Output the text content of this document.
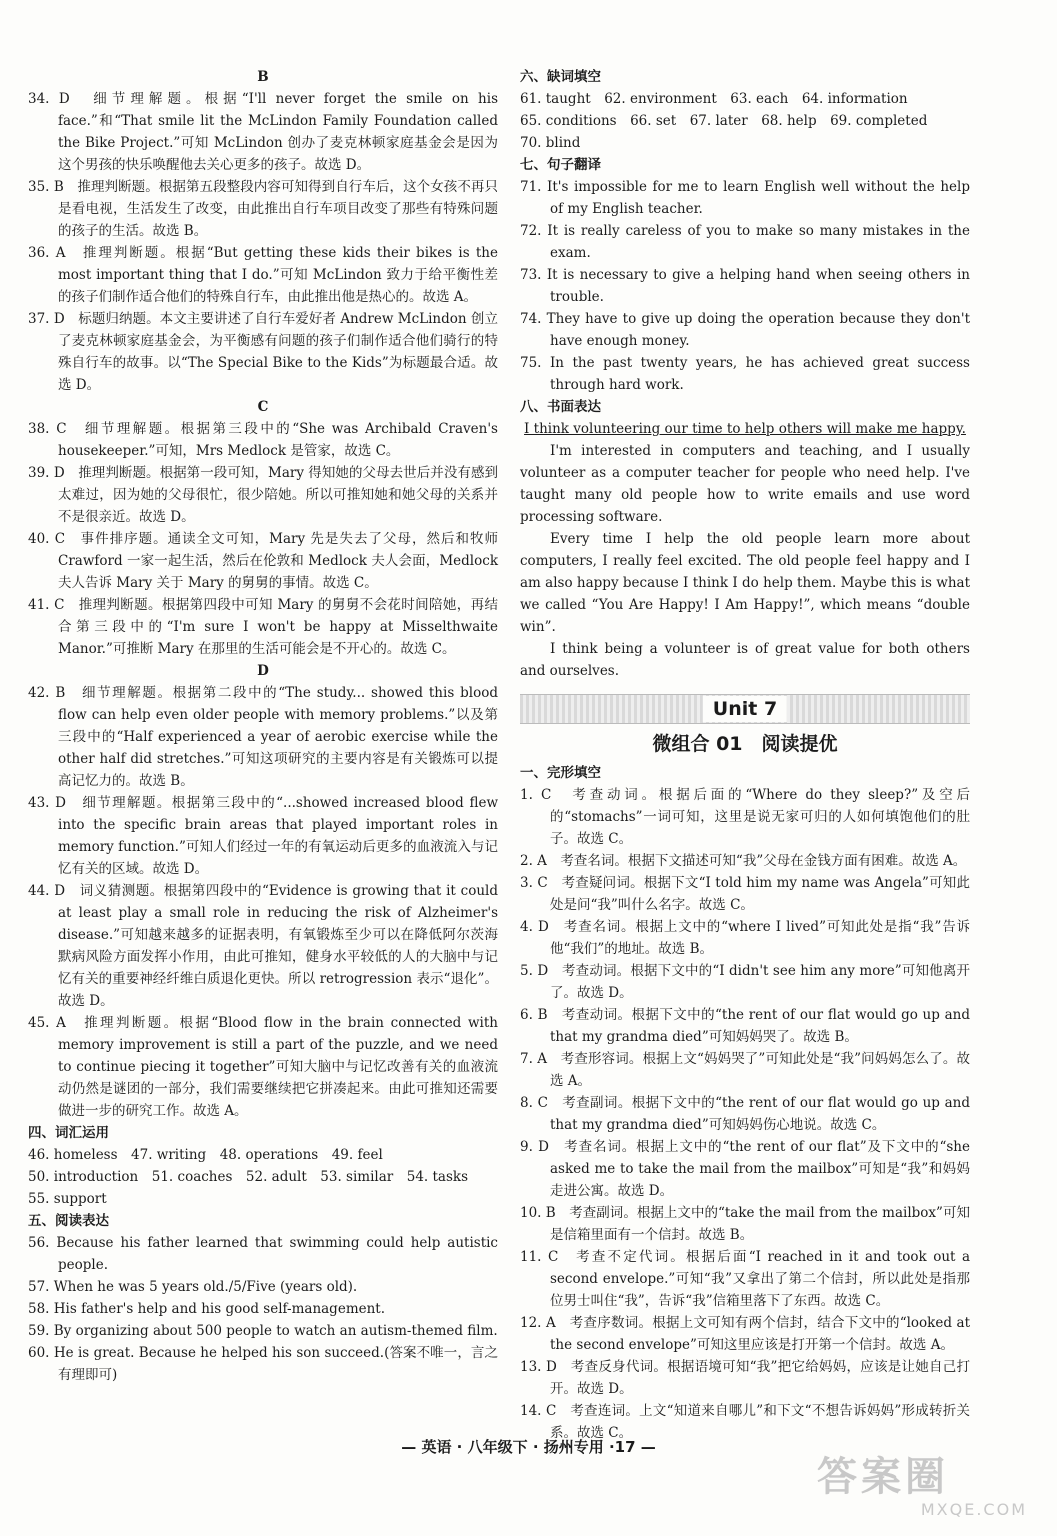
B
34. D　细节理解题。根据“I'll never forget the smile on his face.”和“That smile lit the McLindon Family Foundation called the Bike Project.”可知 McLindon 创办了麦克林顿家庭基金会是因为这个男孩的快乐唤醒他去关心更多的孩子。故选 D。
35. B　推理判断题。根据第五段整段内容可知得到自行车后，这个女孩不再只是看电视，生活发生了改变，由此推出自行车项目改变了那些有特殊问题的孩子的生活。故选 B。
36. A　推理判断题。根据“But getting these kids their bikes is the most important thing that I do.”可知 McLindon 致力于给平衡性差的孩子们制作适合他们的特殊自行车，由此推出他是热心的。故选 A。
37. D　标题归纳题。本文主要讲述了自行车爱好者 Andrew McLindon 创立了麦克林顿家庭基金会，为平衡感有问题的孩子们制作适合他们骑行的特殊自行车的故事。以“The Special Bike to the Kids”为标题最合适。故选 D。
C
38. C　细节理解题。根据第三段中的“She was Archibald Craven's housekeeper.”可知，Mrs Medlock 是管家，故选 C。
39. D　推理判断题。根据第一段可知，Mary 得知她的父母去世后并没有感到太难过，因为她的父母很忙，很少陪她。所以可推知她和她父母的关系并不是很亲近。故选 D。
40. C　事件排序题。通读全文可知，Mary 先是失去了父母，然后和牧师 Crawford 一家一起生活，然后在伦敦和 Medlock 夫人会面，Medlock 夫人告诉 Mary 关于 Mary 的舅舅的事情。故选 C。
41. C　推理判断题。根据第四段中可知 Mary 的舅舅不会花时间陪她，再结合第三段中的“I'm sure I won't be happy at Misselthwaite Manor.”可推断 Mary 在那里的生活可能会是不开心的。故选 C。
D
42. B　细节理解题。根据第二段中的“The study... showed this blood flow can help even older people with memory problems.”以及第三段中的“Half experienced a year of aerobic exercise while the other half did stretches.”可知这项研究的主要内容是有关锻炼可以提高记忆力的。故选 B。
43. D　细节理解题。根据第三段中的“...showed increased blood flew into the specific brain areas that played important roles in memory function.”可知人们经过一年的有氧运动后更多的血液流入与记忆有关的区域。故选 D。
44. D　词义猜测题。根据第四段中的“Evidence is growing that it could at least play a small role in reducing the risk of Alzheimer's disease.”可知越来越多的证据表明，有氧锻炼至少可以在降低阿尔茨海默病风险方面发挥小作用，由此可推知，健身水平较低的人的大脑中与记忆有关的重要神经纤维白质退化更快。所以 retrogression 表示“退化”。故选 D。
45. A　推理判断题。根据“Blood flow in the brain connected with memory improvement is still a part of the puzzle, and we need to continue piecing it together”可知大脑中与记忆改善有关的血液流动仍然是谜团的一部分，我们需要继续把它拼凑起来。由此可推知还需要做进一步的研究工作。故选 A。
四、词汇运用
46. homeless　47. writing　48. operations　49. feel
50. introduction　51. coaches　52. adult　53. similar　54. tasks
55. support
五、阅读表达
56. Because his father learned that swimming could help autistic people.
57. When he was 5 years old./5/Five (years old).
58. His father's help and his good self-management.
59. By organizing about 500 people to watch an autism-themed film.
60. He is great. Because he helped his son succeed.(答案不唯一，言之有理即可)
六、缺词填空
61. taught　62. environment　63. each　64. information
65. conditions　66. set　67. later　68. help　69. completed
70. blind
七、句子翻译
71. It's impossible for me to learn English well without the help of my English teacher.
72. It is really careless of you to make so many mistakes in the exam.
73. It is necessary to give a helping hand when seeing others in trouble.
74. They have to give up doing the operation because they don't have enough money.
75. In the past twenty years, he has achieved great success through hard work.
八、书面表达
I think volunteering our time to help others will make me happy.
I'm interested in computers and teaching, and I usually volunteer as a computer teacher for people who need help. I've taught many old people how to write emails and use word processing software.
Every time I help the old people learn more about computers, I really feel excited. The old people feel happy and I am also happy because I think I do help them. Maybe this is what we called “You Are Happy! I Am Happy!”, which means “double win”.
I think being a volunteer is of great value for both others and ourselves.
Unit 7
微组合 01　阅读提优
一、完形填空
1. C　考查动词。根据后面的“Where do they sleep?”及空后的“stomachs”一词可知，这里是说无家可归的人如何填饱他们的肚子。故选 C。
2. A　考查名词。根据下文描述可知“我”父母在金钱方面有困难。故选 A。
3. C　考查疑问词。根据下文“I told him my name was Angela”可知此处是问“我”叫什么名字。故选 C。
4. D　考查名词。根据上文中的“where I lived”可知此处是指“我”告诉他“我们”的地址。故选 B。
5. D　考查动词。根据下文中的“I didn't see him any more”可知他离开了。故选 D。
6. B　考查动词。根据下文中的“the rent of our flat would go up and that my grandma died”可知妈妈哭了。故选 B。
7. A　考查形容词。根据上文“妈妈哭了”可知此处是“我”问妈妈怎么了。故选 A。
8. C　考查副词。根据下文中的“the rent of our flat would go up and that my grandma died”可知妈妈伤心地说。故选 C。
9. D　考查名词。根据上文中的“the rent of our flat”及下文中的“she asked me to take the mail from the mailbox”可知是“我”和妈妈走进公寓。故选 D。
10. B　考查副词。根据上文中的“take the mail from the mailbox”可知是信箱里面有一个信封。故选 B。
11. C　考查不定代词。根据后面“I reached in it and took out a second envelope.”可知“我”又拿出了第二个信封，所以此处是指那位男士叫住“我”，告诉“我”信箱里落下了东西。故选 C。
12. A　考查序数词。根据上文可知有两个信封，结合下文中的“looked at the second envelope”可知这里应该是打开第一个信封。故选 A。
13. D　考查反身代词。根据语境可知“我”把它给妈妈，应该是让她自己打开。故选 D。
14. C　考查连词。上文“知道来自哪儿”和下文“不想告诉妈妈”形成转折关系。故选 C。
— 英语 · 八年级下 · 扬州专用 ·17 —
答案圈
MXQE.COM
